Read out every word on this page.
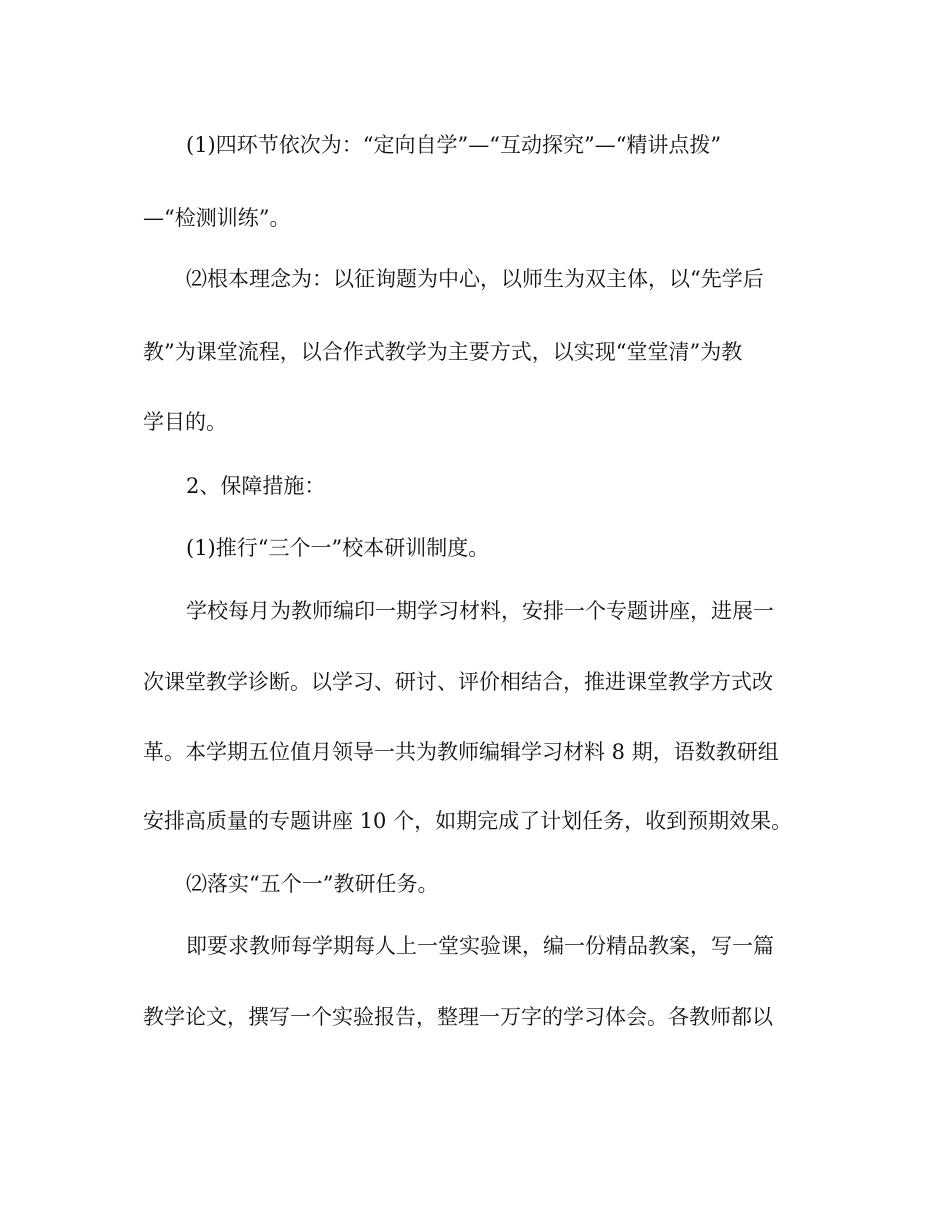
(1)四环节依次为：“定向自学”—“互动探究”—“精讲点拨”
—“检测训练”。
⑵根本理念为：以征询题为中心，以师生为双主体，以“先学后
教”为课堂流程，以合作式教学为主要方式，以实现“堂堂清”为教
学目的。
2、保障措施：
(1)推行“三个一”校本研训制度。
学校每月为教师编印一期学习材料，安排一个专题讲座，进展一
次课堂教学诊断。以学习、研讨、评价相结合，推进课堂教学方式改
革。本学期五位值月领导一共为教师编辑学习材料 8 期，语数教研组
安排高质量的专题讲座 10 个，如期完成了计划任务，收到预期效果。
⑵落实“五个一”教研任务。
即要求教师每学期每人上一堂实验课，编一份精品教案，写一篇
教学论文，撰写一个实验报告，整理一万字的学习体会。各教师都以
